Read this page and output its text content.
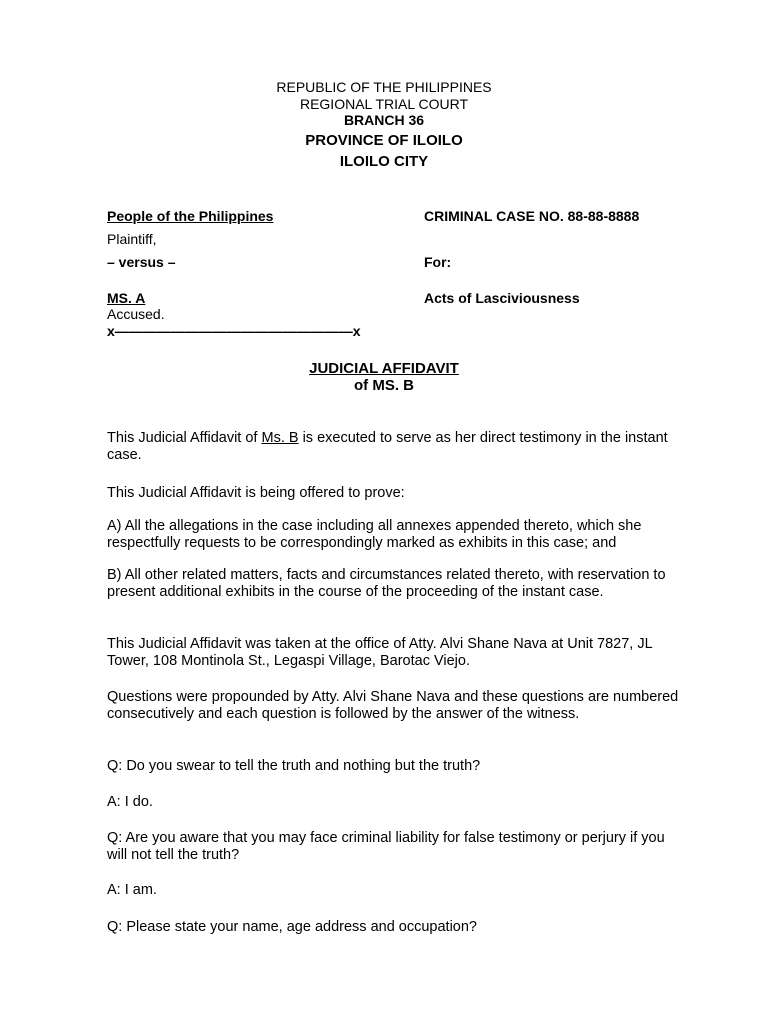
REPUBLIC OF THE PHILIPPINES
REGIONAL TRIAL COURT
BRANCH 36
PROVINCE OF ILOILO
ILOILO CITY
People of the Philippines
Plaintiff,
– versus –
MS. A
Accused.
x—————————————————x
CRIMINAL CASE NO. 88-88-8888
For:
Acts of Lasciviousness
JUDICIAL AFFIDAVIT
of MS. B
This Judicial Affidavit of Ms. B is executed to serve as her direct testimony in the instant case.
This Judicial Affidavit is being offered to prove:
A) All the allegations in the case including all annexes appended thereto, which she respectfully requests to be correspondingly marked as exhibits in this case; and
B) All other related matters, facts and circumstances related thereto, with reservation to present additional exhibits in the course of the proceeding of the instant case.
This Judicial Affidavit was taken at the office of Atty. Alvi Shane Nava at Unit 7827, JL Tower, 108 Montinola St., Legaspi Village, Barotac Viejo.
Questions were propounded by Atty. Alvi Shane Nava and these questions are numbered consecutively and each question is followed by the answer of the witness.
Q: Do you swear to tell the truth and nothing but the truth?
A: I do.
Q: Are you aware that you may face criminal liability for false testimony or perjury if you will not tell the truth?
A: I am.
Q: Please state your name, age address and occupation?
